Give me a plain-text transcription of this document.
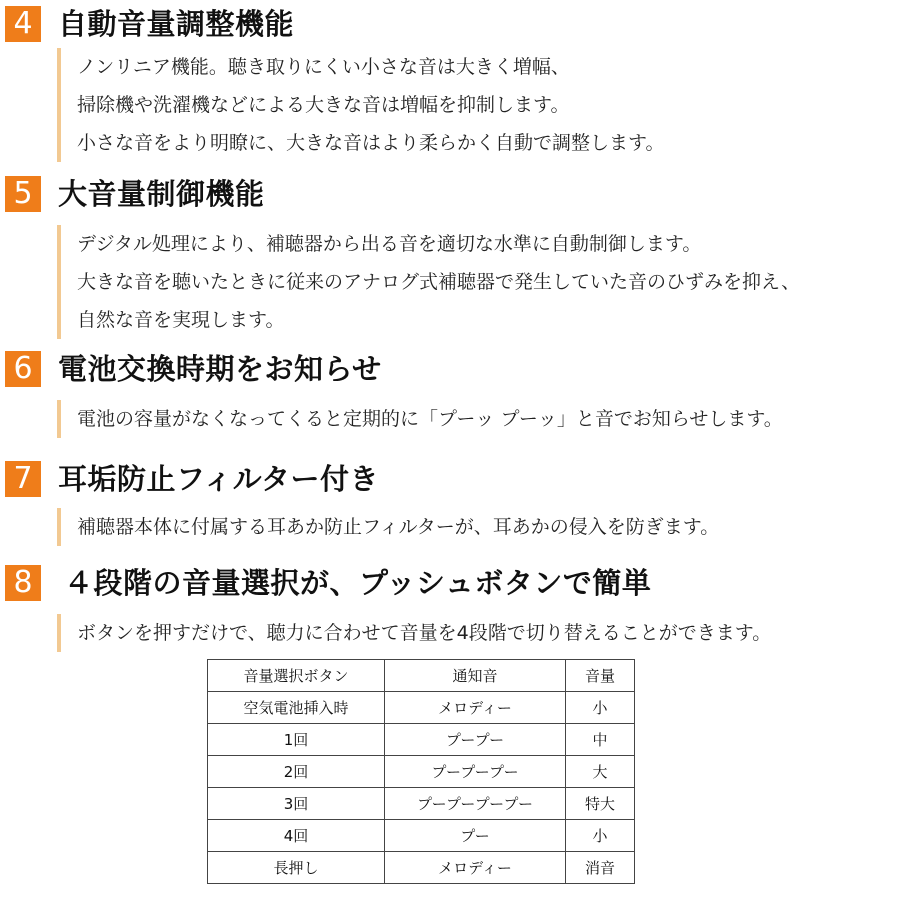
4 自動音量調整機能
ノンリニア機能。聴き取りにくい小さな音は大きく増幅、
掃除機や洗濯機などによる大きな音は増幅を抑制します。
小さな音をより明瞭に、大きな音はより柔らかく自動で調整します。
5 大音量制御機能
デジタル処理により、補聴器から出る音を適切な水準に自動制御します。
大きな音を聴いたときに従来のアナログ式補聴器で発生していた音のひずみを抑え、
自然な音を実現します。
6 電池交換時期をお知らせ
電池の容量がなくなってくると定期的に「プーッ プーッ」と音でお知らせします。
7 耳垢防止フィルター付き
補聴器本体に付属する耳あか防止フィルターが、耳あかの侵入を防ぎます。
8 ４段階の音量選択が、プッシュボタンで簡単
ボタンを押すだけで、聴力に合わせて音量を4段階で切り替えることができます。
音量選択ボタン	通知音	音量
空気電池挿入時	メロディー	小
1回	プープー	中
2回	プープープー	大
3回	プープープープー	特大
4回	プー	小
長押し	メロディー	消音
